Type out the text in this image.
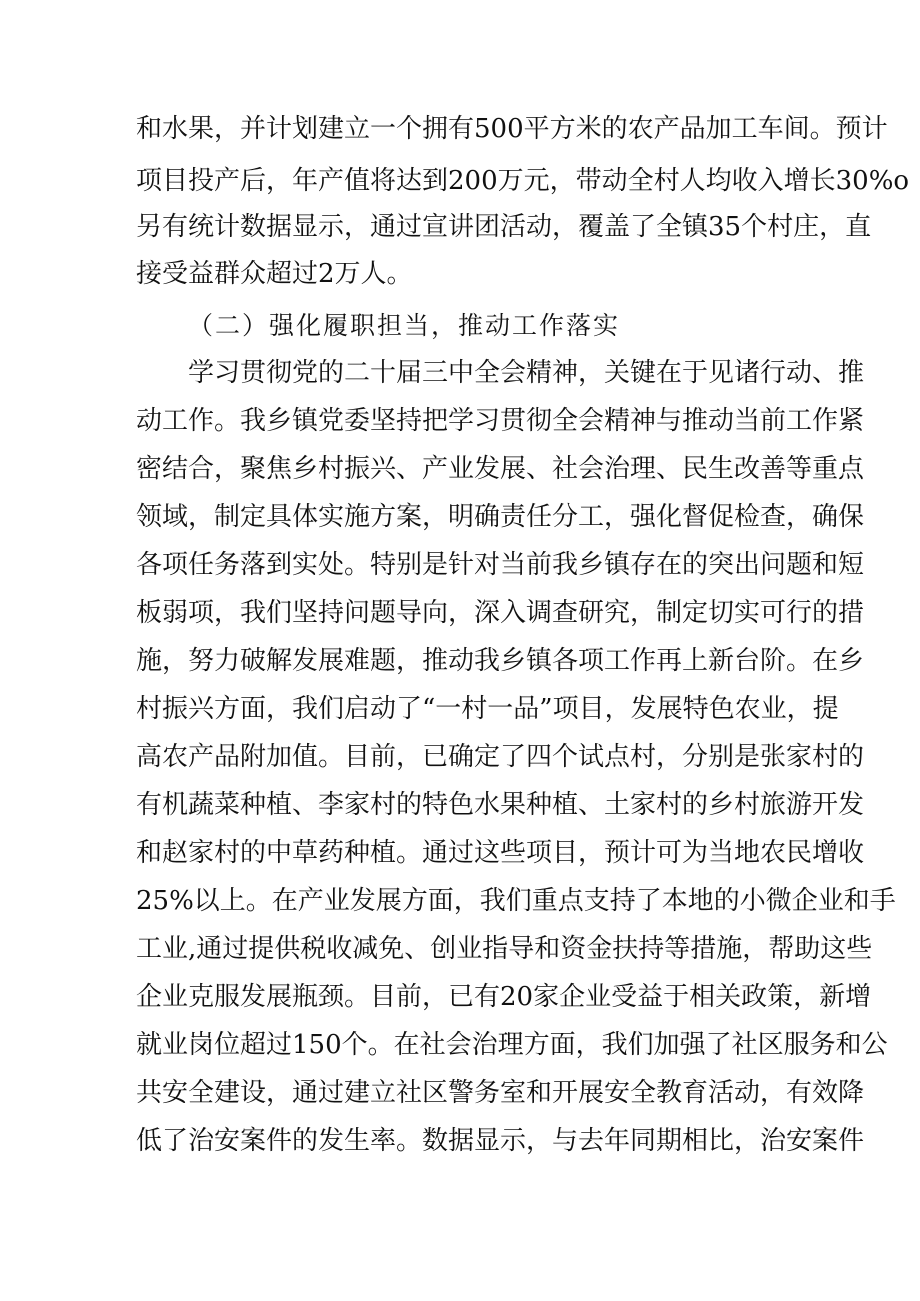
和水果，并计划建立一个拥有500平方米的农产品加工车间。预计

项目投产后，年产值将达到200万元，带动全村人均收入增长30%o

另有统计数据显示，通过宣讲团活动，覆盖了全镇35个村庄，直

接受益群众超过2万人。

（二）强化履职担当，推动工作落实

学习贯彻党的二十届三中全会精神，关键在于见诸行动、推

动工作。我乡镇党委坚持把学习贯彻全会精神与推动当前工作紧

密结合，聚焦乡村振兴、产业发展、社会治理、民生改善等重点

领域，制定具体实施方案，明确责任分工，强化督促检查，确保

各项任务落到实处。特别是针对当前我乡镇存在的突出问题和短

板弱项，我们坚持问题导向，深入调查研究，制定切实可行的措

施，努力破解发展难题，推动我乡镇各项工作再上新台阶。在乡

村振兴方面，我们启动了“一村一品”项目，发展特色农业，提

高农产品附加值。目前，已确定了四个试点村，分别是张家村的

有机蔬菜种植、李家村的特色水果种植、土家村的乡村旅游开发

和赵家村的中草药种植。通过这些项目，预计可为当地农民增收

25%以上。在产业发展方面，我们重点支持了本地的小微企业和手

工业,通过提供税收减免、创业指导和资金扶持等措施，帮助这些

企业克服发展瓶颈。目前，已有20家企业受益于相关政策，新增

就业岗位超过150个。在社会治理方面，我们加强了社区服务和公

共安全建设，通过建立社区警务室和开展安全教育活动，有效降

低了治安案件的发生率。数据显示，与去年同期相比，治安案件
